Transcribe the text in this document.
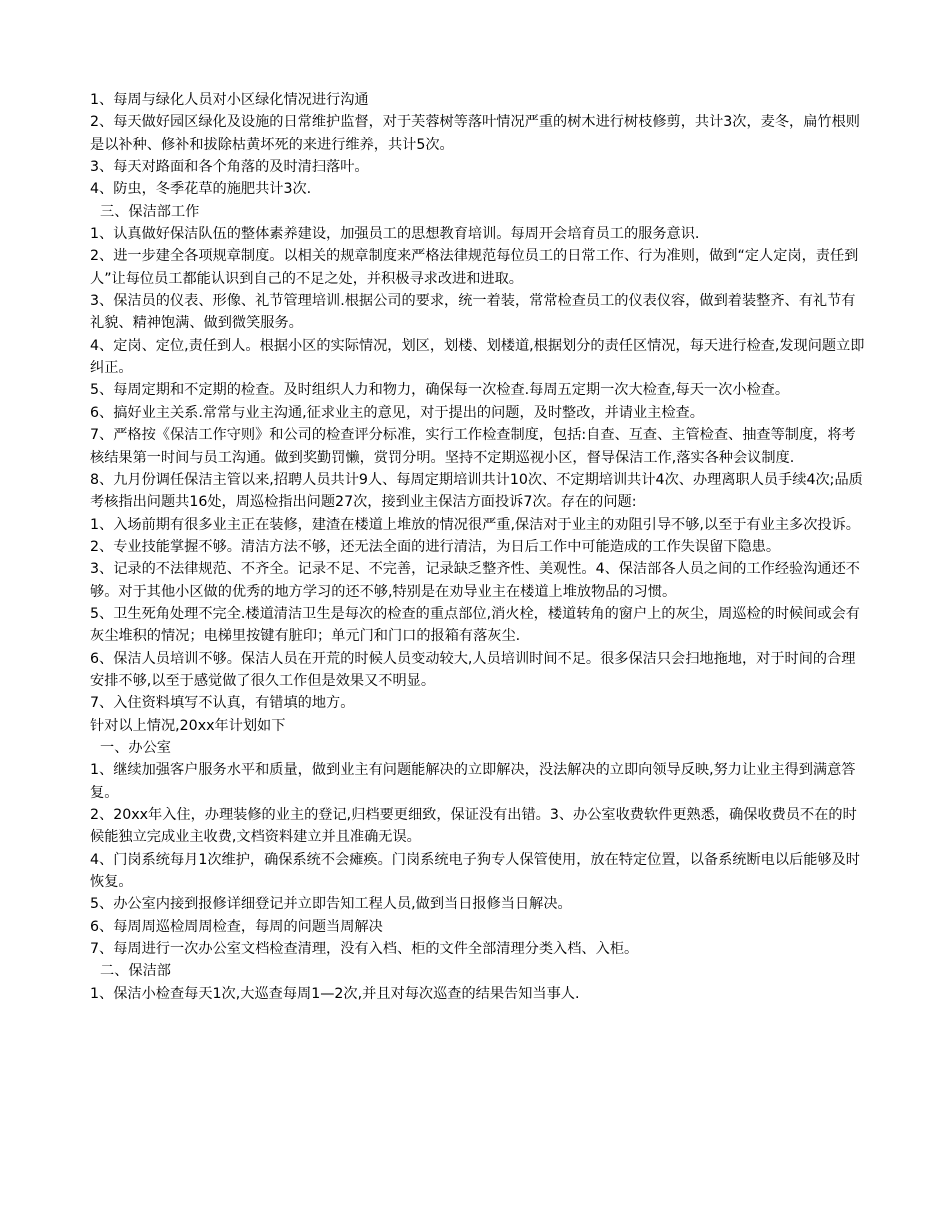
1、每周与绿化人员对小区绿化情况进行沟通

2、每天做好园区绿化及设施的日常维护监督，对于芙蓉树等落叶情况严重的树木进行树枝修剪，共计3次，麦冬，扁竹根则是以补种、修补和拔除枯黄坏死的来进行维养，共计5次。

3、每天对路面和各个角落的及时清扫落叶。

4、防虫，冬季花草的施肥共计3次.

三、保洁部工作

1、认真做好保洁队伍的整体素养建设，加强员工的思想教育培训。每周开会培育员工的服务意识.

2、进一步建全各项规章制度。以相关的规章制度来严格法律规范每位员工的日常工作、行为准则，做到“定人定岗，责任到人”让每位员工都能认识到自己的不足之处，并积极寻求改进和进取。

3、保洁员的仪表、形像、礼节管理培训.根据公司的要求，统一着装，常常检查员工的仪表仪容，做到着装整齐、有礼节有礼貌、精神饱满、做到微笑服务。

4、定岗、定位,责任到人。根据小区的实际情况，划区，划楼、划楼道,根据划分的责任区情况，每天进行检查,发现问题立即纠正。

5、每周定期和不定期的检查。及时组织人力和物力，确保每一次检查.每周五定期一次大检查,每天一次小检查。

6、搞好业主关系.常常与业主沟通,征求业主的意见，对于提出的问题，及时整改，并请业主检查。

7、严格按《保洁工作守则》和公司的检查评分标准，实行工作检查制度，包括:自查、互查、主管检查、抽查等制度，将考核结果第一时间与员工沟通。做到奖勤罚懒，赏罚分明。坚持不定期巡视小区，督导保洁工作,落实各种会议制度.

8、九月份调任保洁主管以来,招聘人员共计9人、每周定期培训共计10次、不定期培训共计4次、办理离职人员手续4次;品质考核指出问题共16处，周巡检指出问题27次，接到业主保洁方面投诉7次。存在的问题:

1、入场前期有很多业主正在装修，建渣在楼道上堆放的情况很严重,保洁对于业主的劝阻引导不够,以至于有业主多次投诉。

2、专业技能掌握不够。清洁方法不够，还无法全面的进行清洁，为日后工作中可能造成的工作失误留下隐患。

3、记录的不法律规范、不齐全。记录不足、不完善，记录缺乏整齐性、美观性。4、保洁部各人员之间的工作经验沟通还不够。对于其他小区做的优秀的地方学习的还不够,特别是在劝导业主在楼道上堆放物品的习惯。

5、卫生死角处理不完全.楼道清洁卫生是每次的检查的重点部位,消火栓，楼道转角的窗户上的灰尘，周巡检的时候间或会有灰尘堆积的情况；电梯里按键有脏印；单元门和门口的报箱有落灰尘.

6、保洁人员培训不够。保洁人员在开荒的时候人员变动较大,人员培训时间不足。很多保洁只会扫地拖地，对于时间的合理安排不够,以至于感觉做了很久工作但是效果又不明显。

7、入住资料填写不认真，有错填的地方。

针对以上情况,20xx年计划如下

一、办公室

1、继续加强客户服务水平和质量，做到业主有问题能解决的立即解决，没法解决的立即向领导反映,努力让业主得到满意答复。

2、20xx年入住，办理装修的业主的登记,归档要更细致，保证没有出错。3、办公室收费软件更熟悉，确保收费员不在的时候能独立完成业主收费,文档资料建立并且准确无误。

4、门岗系统每月1次维护，确保系统不会瘫痪。门岗系统电子狗专人保管使用，放在特定位置，以备系统断电以后能够及时恢复。

5、办公室内接到报修详细登记并立即告知工程人员,做到当日报修当日解决。

6、每周周巡检周周检查，每周的问题当周解决

7、每周进行一次办公室文档检查清理，没有入档、柜的文件全部清理分类入档、入柜。

二、保洁部

1、保洁小检查每天1次,大巡查每周1—2次,并且对每次巡查的结果告知当事人.
